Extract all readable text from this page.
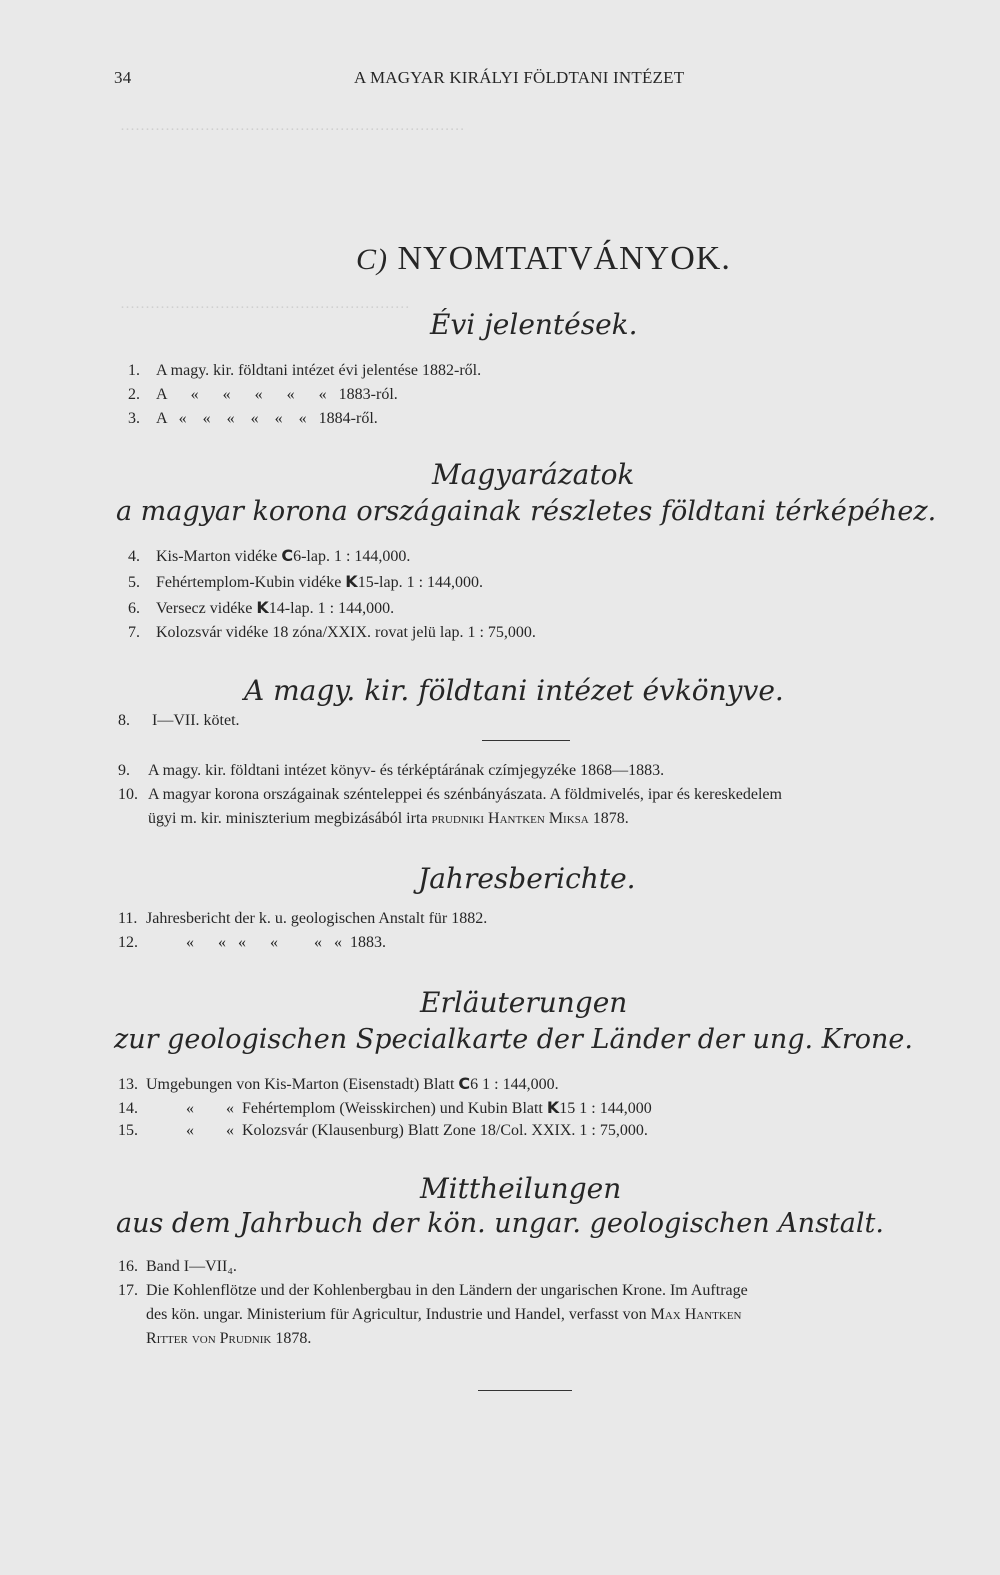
·····································································
··························································
34	A MAGYAR KIRÁLYI FÖLDTANI INTÉZET
C) NYOMTATVÁNYOK.
Évi jelentések.
1. A magy. kir. földtani intézet évi jelentése 1882-ről.
2. A      «      «      «      «      «   1883-ról.
3. A   «    «    «    «    «    «   1884-ről.
Magyarázatok
a magyar korona országainak részletes földtani térképéhez.
4. Kis-Marton vidéke C6-lap. 1 : 144,000.
5. Fehértemplom-Kubin vidéke K15-lap. 1 : 144,000.
6. Versecz vidéke K14-lap. 1 : 144,000.
7. Kolozsvár vidéke 18 zóna/XXIX. rovat jelü lap. 1 : 75,000.
A magy. kir. földtani intézet évkönyve.
8. I—VII. kötet.
9. A magy. kir. földtani intézet könyv- és térképtárának czímjegyzéke 1868—1883.
10. A magyar korona országainak szénteleppei és szénbányászata. A földmivelés, ipar és kereskedelem
ügyi m. kir. miniszterium megbizásából irta prudniki Hantken Miksa 1878.
Jahresberichte.
11. Jahresbericht der k. u. geologischen Anstalt für 1882.
12.	«      «   «      «         «   «  1883.
Erläuterungen
zur geologischen Specialkarte der Länder der ung. Krone.
13. Umgebungen von Kis-Marton (Eisenstadt) Blatt C6 1 : 144,000.
14.	«        «  Fehértemplom (Weisskirchen) und Kubin Blatt K15 1 : 144,000
15.	«        «  Kolozsvár (Klausenburg) Blatt Zone 18/Col. XXIX. 1 : 75,000.
Mittheilungen
aus dem Jahrbuch der kön. ungar. geologischen Anstalt.
16. Band I—VII₄.
17. Die Kohlenflötze und der Kohlenbergbau in den Ländern der ungarischen Krone. Im Auftrage
des kön. ungar. Ministerium für Agricultur, Industrie und Handel, verfasst von Max Hantken
Ritter von Prudnik 1878.
